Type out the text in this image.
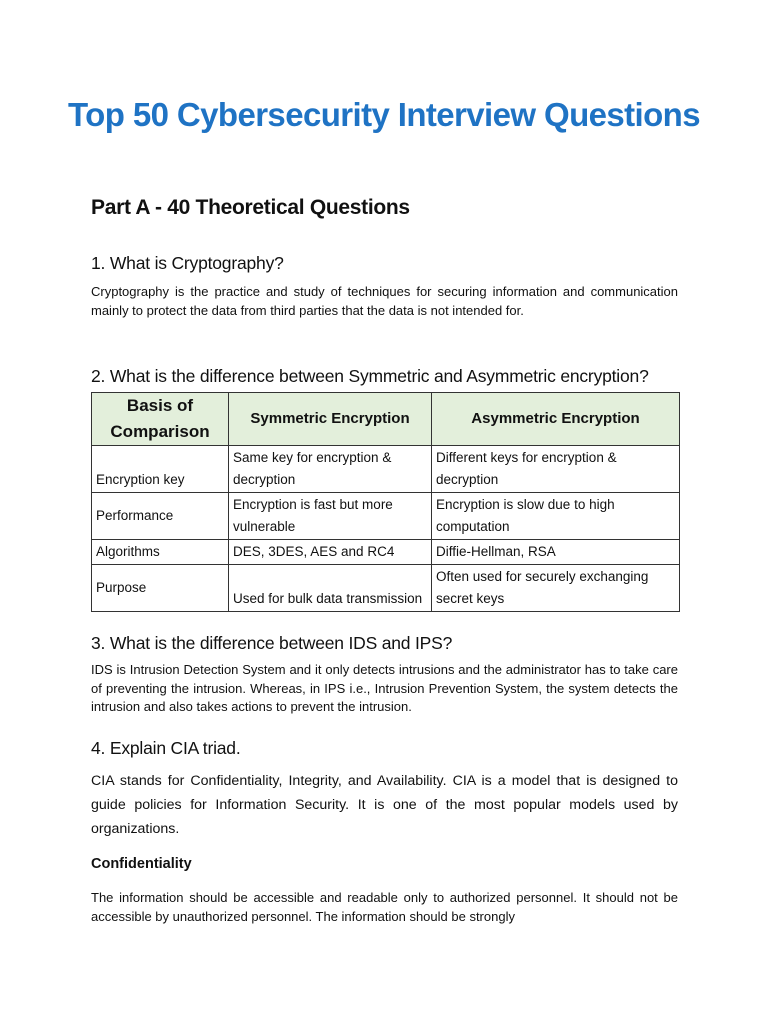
Top 50 Cybersecurity Interview Questions
Part A - 40 Theoretical Questions
1. What is Cryptography?
Cryptography is the practice and study of techniques for securing information and communication mainly to protect the data from third parties that the data is not intended for.
2. What is the difference between Symmetric and Asymmetric encryption?
Basis of Comparison	Symmetric Encryption	Asymmetric Encryption
Encryption key	Same key for encryption & decryption	Different keys for encryption & decryption
Performance	Encryption is fast but more vulnerable	Encryption is slow due to high computation
Algorithms	DES, 3DES, AES and RC4	Diffie-Hellman, RSA
Purpose	Used for bulk data transmission	Often used for securely exchanging secret keys
3. What is the difference between IDS and IPS?
IDS is Intrusion Detection System and it only detects intrusions and the administrator has to take care of preventing the intrusion. Whereas, in IPS i.e., Intrusion Prevention System, the system detects the intrusion and also takes actions to prevent the intrusion.
4. Explain CIA triad.
CIA stands for Confidentiality, Integrity, and Availability. CIA is a model that is designed to guide policies for Information Security. It is one of the most popular models used by organizations.
Confidentiality
The information should be accessible and readable only to authorized personnel. It should not be accessible by unauthorized personnel. The information should be strongly
